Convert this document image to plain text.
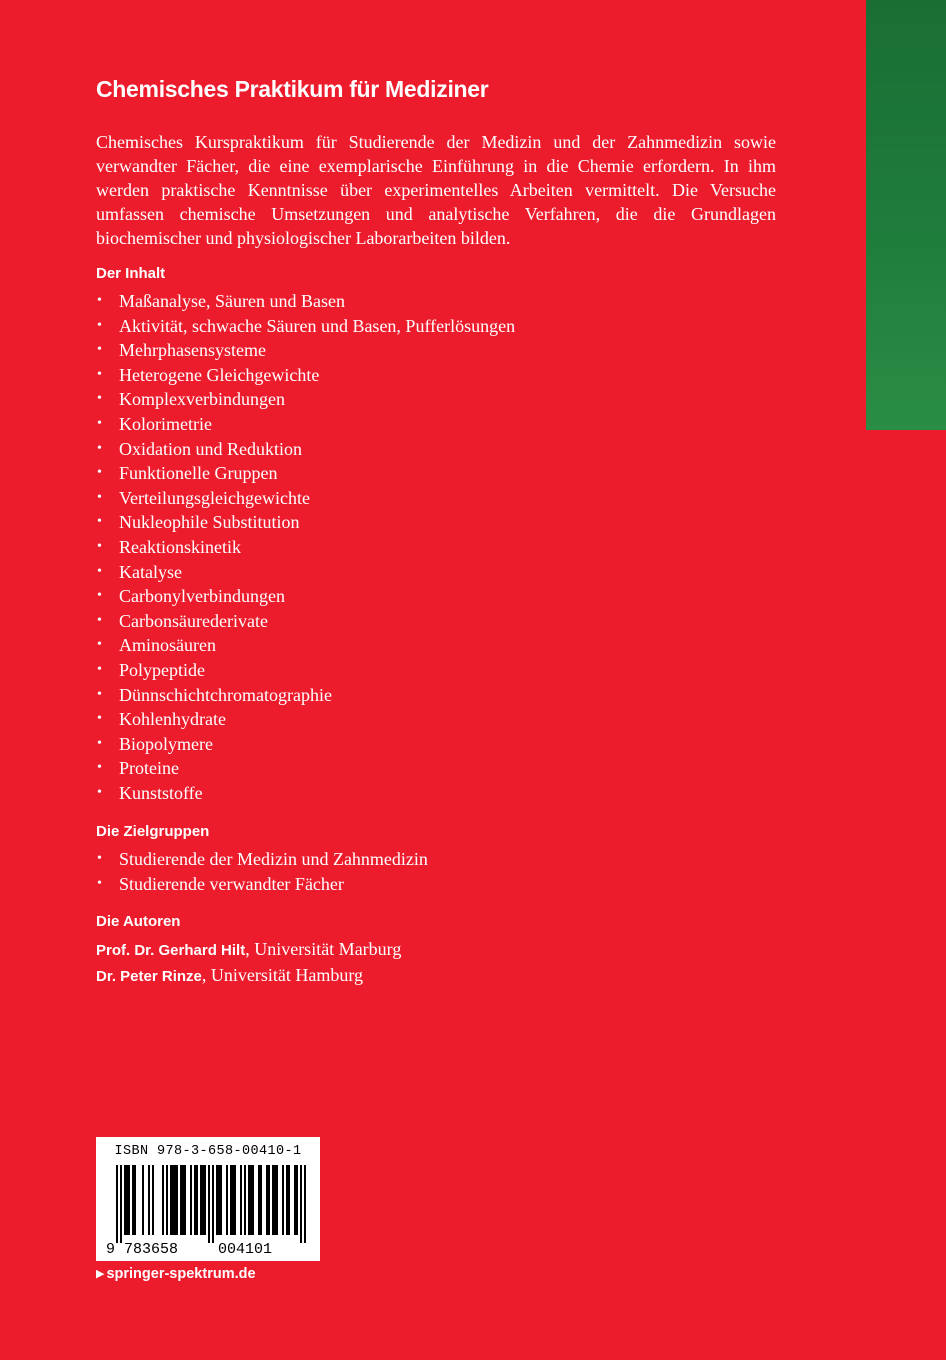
Chemisches Praktikum für Mediziner

Chemisches Kurspraktikum für Studierende der Medizin und der Zahnmedizin sowie verwandter Fächer, die eine exemplarische Einführung in die Chemie erfordern. In ihm werden praktische Kenntnisse über experimentelles Arbeiten vermittelt. Die Versuche umfassen chemische Umsetzungen und analytische Verfahren, die die Grundlagen biochemischer und physiologischer Laborarbeiten bilden.

Der Inhalt
• Maßanalyse, Säuren und Basen
• Aktivität, schwache Säuren und Basen, Pufferlösungen
• Mehrphasensysteme
• Heterogene Gleichgewichte
• Komplexverbindungen
• Kolorimetrie
• Oxidation und Reduktion
• Funktionelle Gruppen
• Verteilungsgleichgewichte
• Nukleophile Substitution
• Reaktionskinetik
• Katalyse
• Carbonylverbindungen
• Carbonsäurederivate
• Aminosäuren
• Polypeptide
• Dünnschichtchromatographie
• Kohlenhydrate
• Biopolymere
• Proteine
• Kunststoffe
Die Zielgruppen
• Studierende der Medizin und Zahnmedizin
• Studierende verwandter Fächer
Die Autoren
Prof. Dr. Gerhard Hilt, Universität Marburg
Dr. Peter Rinze, Universität Hamburg
ISBN 978-3-658-00410-1
9 783658	004101
▶ springer-spektrum.de
